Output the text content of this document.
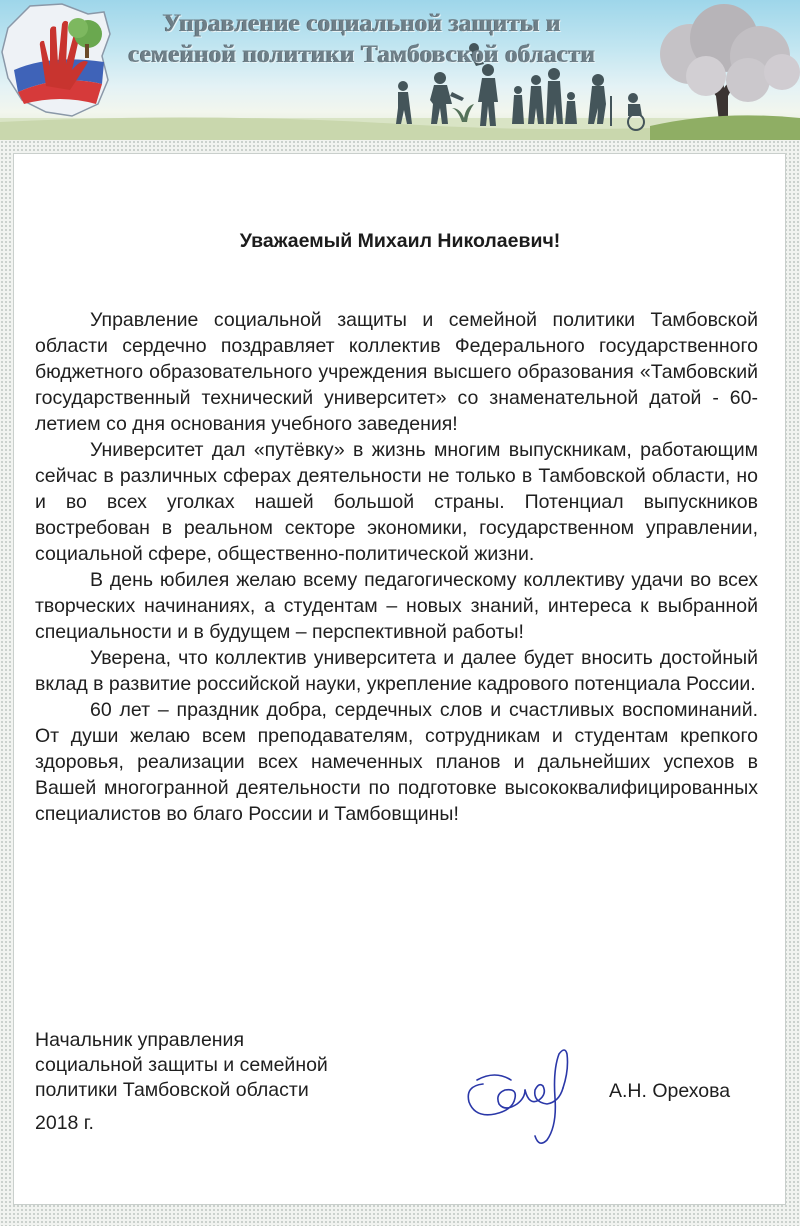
Управление социальной защиты и
семейной политики Тамбовской области
Уважаемый Михаил Николаевич!

Управление социальной защиты и семейной политики Тамбовской области сердечно поздравляет коллектив Федерального государственного бюджетного образовательного учреждения высшего образования «Тамбовский государственный технический университет» со знаменательной датой - 60-летием со дня основания учебного заведения!

Университет дал «путёвку» в жизнь многим выпускникам, работающим сейчас в различных сферах деятельности не только в Тамбовской области, но и во всех уголках нашей большой страны. Потенциал выпускников востребован в реальном секторе экономики, государственном управлении, социальной сфере, общественно-политической жизни.

В день юбилея желаю всему педагогическому коллективу удачи во всех творческих начинаниях, а студентам – новых знаний, интереса к выбранной специальности и в будущем – перспективной работы!

Уверена, что коллектив университета и далее будет вносить достойный вклад в развитие российской науки, укрепление кадрового потенциала России.

60 лет – праздник добра, сердечных слов и счастливых воспоминаний. От души желаю всем преподавателям, сотрудникам и студентам крепкого здоровья, реализации всех намеченных планов и дальнейших успехов в Вашей многогранной деятельности по подготовке высококвалифицированных специалистов во благо России и Тамбовщины!

Начальник управления
социальной защиты и семейной
политики Тамбовской области
2018 г.
А.Н. Орехова
